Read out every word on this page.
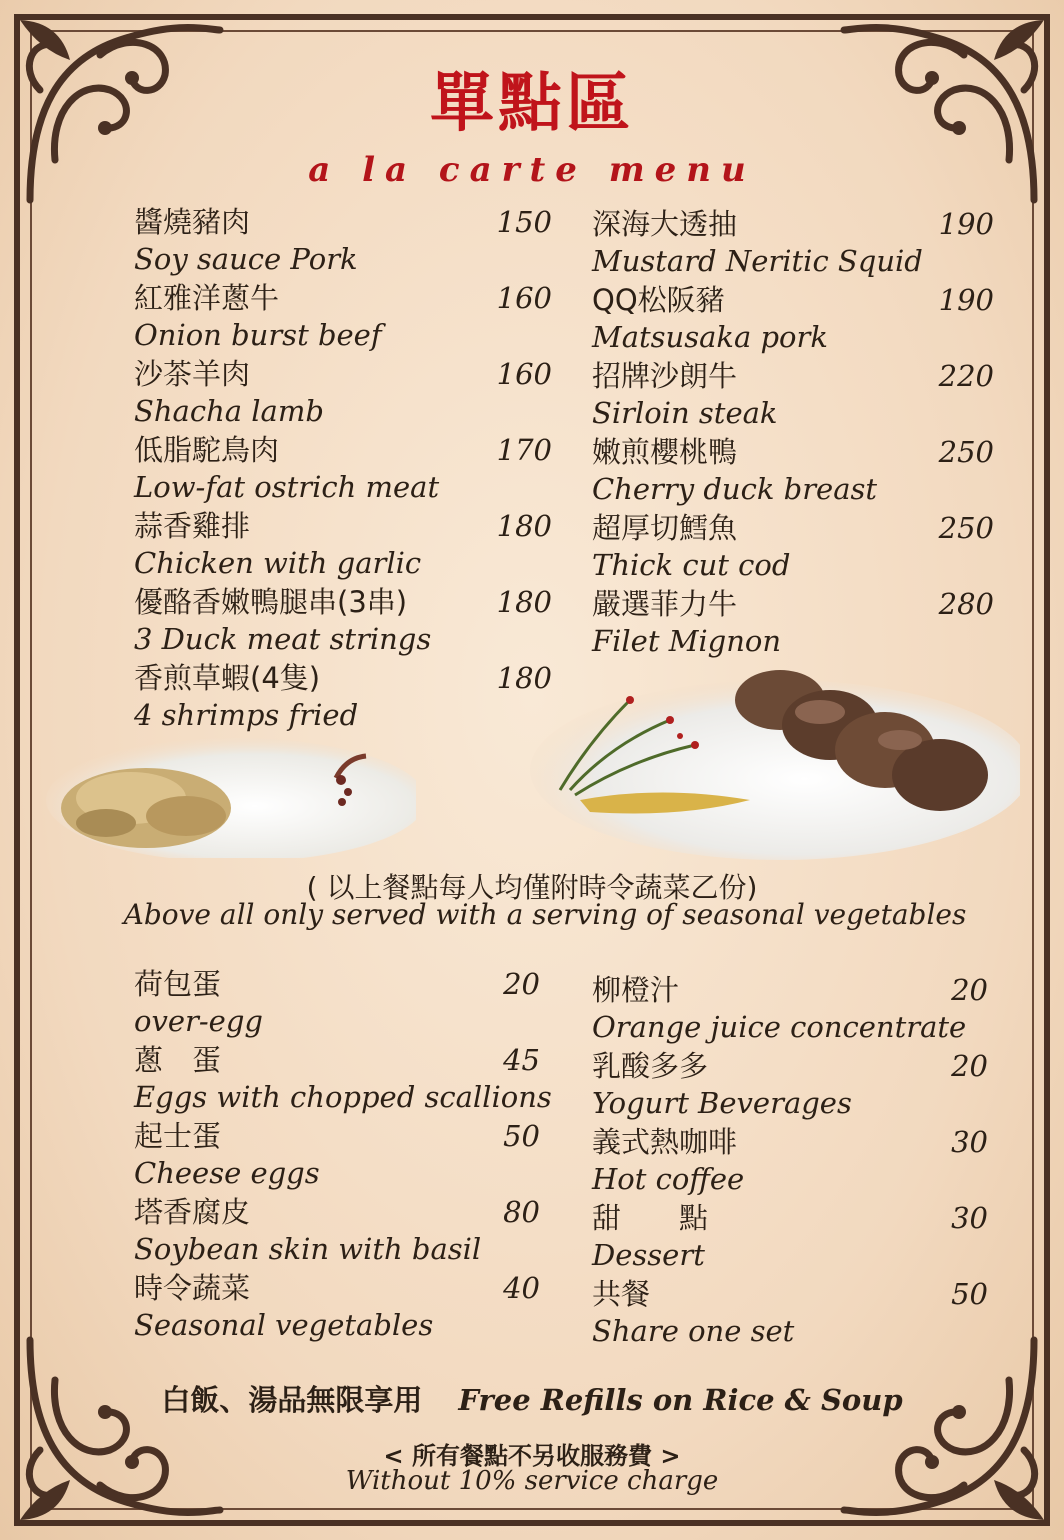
單點區
a la carte menu
醬燒豬肉	150
Soy sauce Pork
紅雅洋蔥牛	160
Onion burst beef
沙茶羊肉	160
Shacha lamb
低脂駝鳥肉	170
Low-fat ostrich meat
蒜香雞排	180
Chicken with garlic
優酪香嫩鴨腿串(3串)	180
3 Duck meat strings
香煎草蝦(4隻)	180
4 shrimps fried
深海大透抽	190
Mustard Neritic Squid
QQ松阪豬	190
Matsusaka pork
招牌沙朗牛	220
Sirloin steak
嫩煎櫻桃鴨	250
Cherry duck breast
超厚切鱈魚	250
Thick cut cod
嚴選菲力牛	280
Filet Mignon
( 以上餐點每人均僅附時令蔬菜乙份)
Above all only served with a serving of seasonal vegetables
荷包蛋	20
over-egg
蔥　蛋	45
Eggs with chopped scallions
起士蛋	50
Cheese eggs
塔香腐皮	80
Soybean skin with basil
時令蔬菜	40
Seasonal vegetables
柳橙汁	20
Orange juice concentrate
乳酸多多	20
Yogurt Beverages
義式熱咖啡	30
Hot coffee
甜　　點	30
Dessert
共餐	50
Share one set
白飯、湯品無限享用 Free Refills on Rice & Soup
< 所有餐點不另收服務費 >
Without 10% service charge
